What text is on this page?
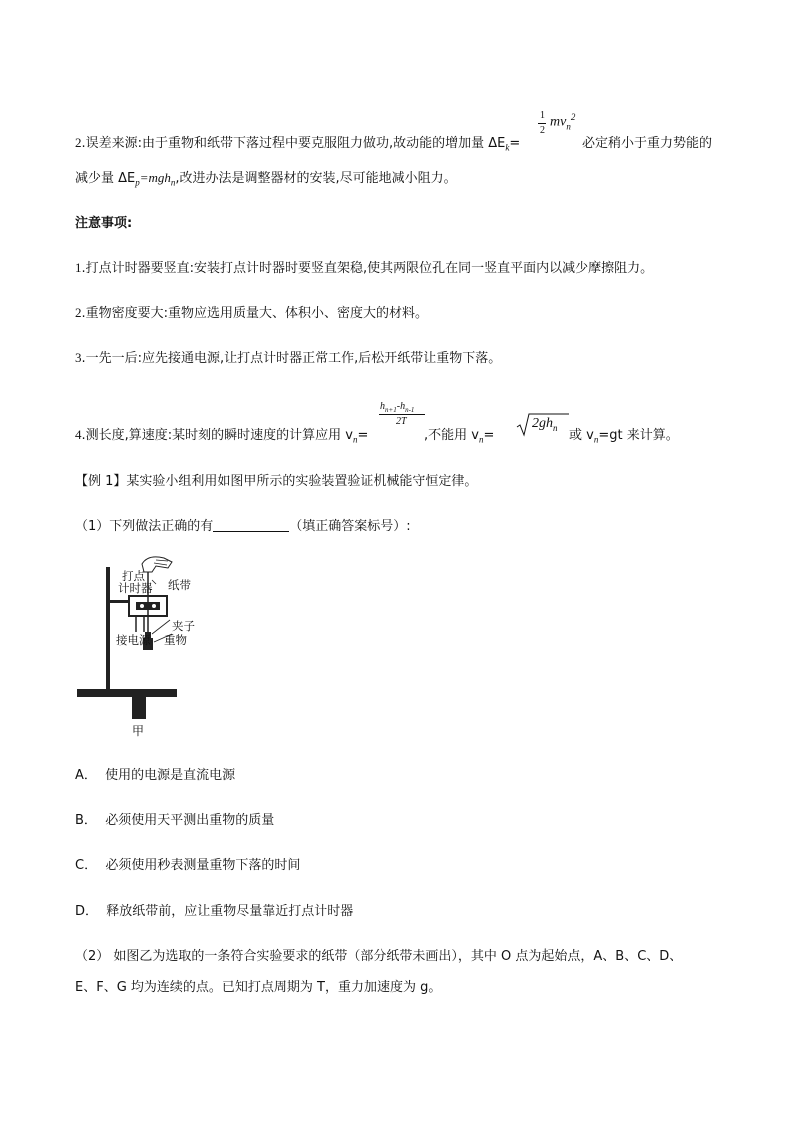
2.误差来源:由于重物和纸带下落过程中要克服阻力做功,故动能的增加量 $\Delta E_k=$
1
2
$mv_n^2$
必定稍小于重力势能的
减少量 $\Delta E_p=mgh_n$,改进办法是调整器材的安装,尽可能地减小阻力。
注意事项:
1.打点计时器要竖直:安装打点计时器时要竖直架稳,使其两限位孔在同一竖直平面内以减少摩擦阻力。
2.重物密度要大:重物应选用质量大、体积小、密度大的材料。
3.一先一后:应先接通电源,让打点计时器正常工作,后松开纸带让重物下落。
4.测长度,算速度:某时刻的瞬时速度的计算应用 $v_n=$
$h_{n+1}-h_{n-1}$
2T
,不能用 $v_n=$
$2gh_n$
或 $v_n=gt$ 来计算。
【例 1】某实验小组利用如图甲所示的实验装置验证机械能守恒定律。
（1）下列做法正确的有	（填正确答案标号）:
打点
计时器 纸带
夹子
接电源 重物
甲
A． 使用的电源是直流电源
B． 必须使用天平测出重物的质量
C． 必须使用秒表测量重物下落的时间
D． 释放纸带前，应让重物尽量靠近打点计时器
（2） 如图乙为选取的一条符合实验要求的纸带（部分纸带未画出），其中 O 点为起始点，A、B、C、D、
E、F、G 均为连续的点。已知打点周期为 T，重力加速度为 g。
